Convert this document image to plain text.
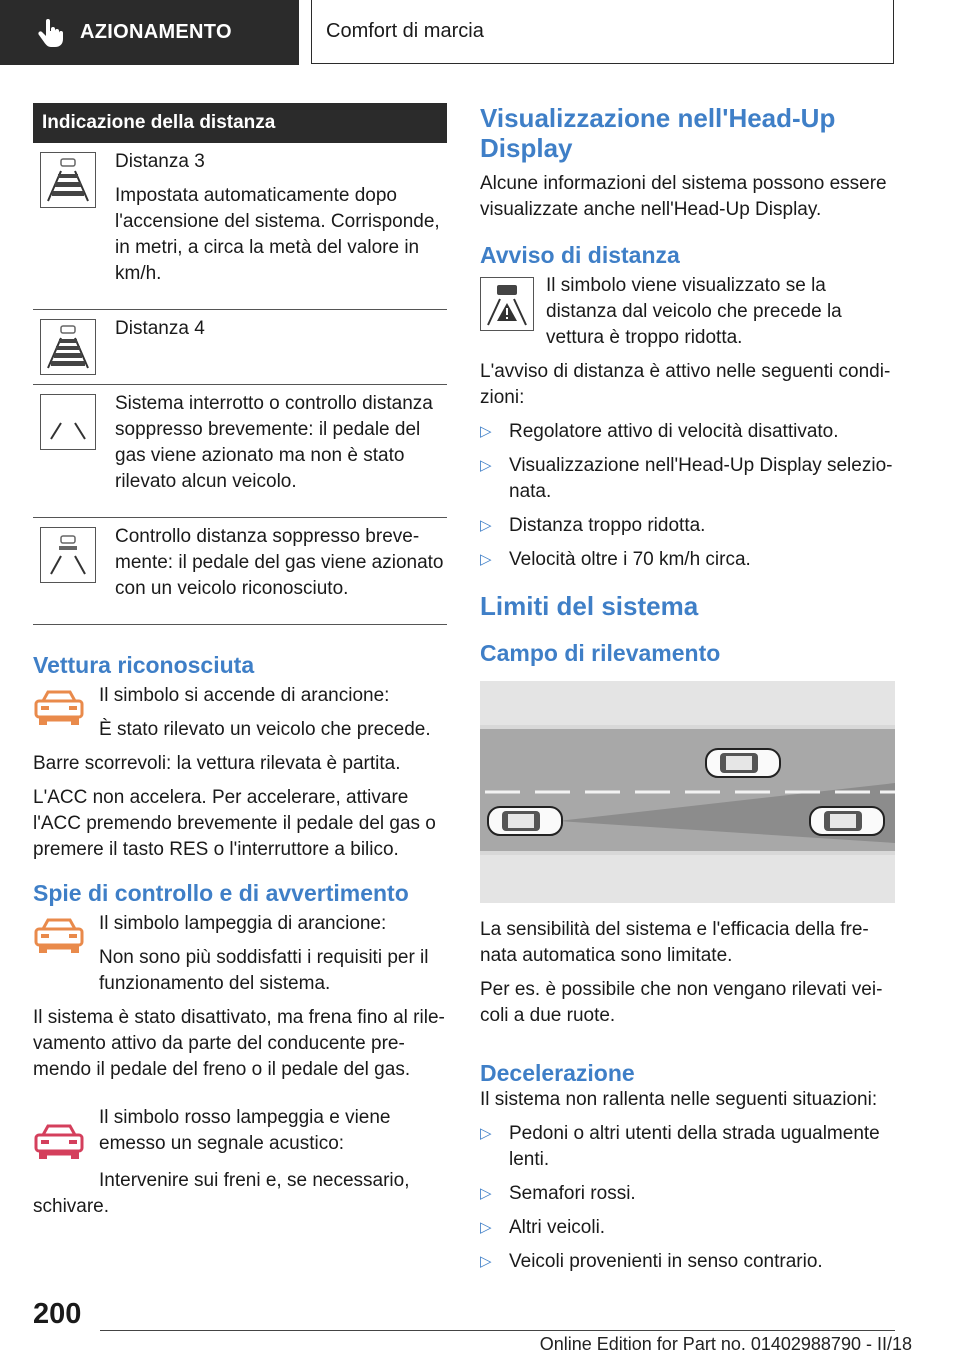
AZIONAMENTO	Comfort di marcia
Indicazione della distanza

Distanza 3

Impostata automaticamente dopo l'accensione del sistema. Corrisponde, in metri, a circa la metà del valore in km/h.

Distanza 4

Sistema interrotto o controllo distanza soppresso brevemente: il pedale del gas viene azionato ma non è stato rilevato alcun veicolo.

Controllo distanza soppresso brevemente: il pedale del gas viene azionato con un veicolo riconosciuto.

Vettura riconosciuta

Il simbolo si accende di arancione:

È stato rilevato un veicolo che precede.

Barre scorrevoli: la vettura rilevata è partita.

L'ACC non accelera. Per accelerare, attivare l'ACC premendo brevemente il pedale del gas o premere il tasto RES o l'interruttore a bilico.

Spie di controllo e di avvertimento

Il simbolo lampeggia di arancione:

Non sono più soddisfatti i requisiti per il funzionamento del sistema.

Il sistema è stato disattivato, ma frena fino al rilevamento attivo da parte del conducente premendo il pedale del freno o il pedale del gas.

Il simbolo rosso lampeggia e viene emesso un segnale acustico:

Intervenire sui freni e, se necessario, schivare.

Visualizzazione nell'Head-Up Display

Alcune informazioni del sistema possono essere visualizzate anche nell'Head-Up Display.

Avviso di distanza

Il simbolo viene visualizzato se la distanza dal veicolo che precede la vettura è troppo ridotta.

L'avviso di distanza è attivo nelle seguenti condizioni:

▷ Regolatore attivo di velocità disattivato.
▷ Visualizzazione nell'Head-Up Display selezionata.
▷ Distanza troppo ridotta.
▷ Velocità oltre i 70 km/h circa.
Limiti del sistema
Campo di rilevamento

La sensibilità del sistema e l'efficacia della frenata automatica sono limitate.

Per es. è possibile che non vengano rilevati veicoli a due ruote.

Decelerazione

Il sistema non rallenta nelle seguenti situazioni:

▷ Pedoni o altri utenti della strada ugualmente lenti.
▷ Semafori rossi.
▷ Altri veicoli.
▷ Veicoli provenienti in senso contrario.
200
Online Edition for Part no. 01402988790 - II/18
